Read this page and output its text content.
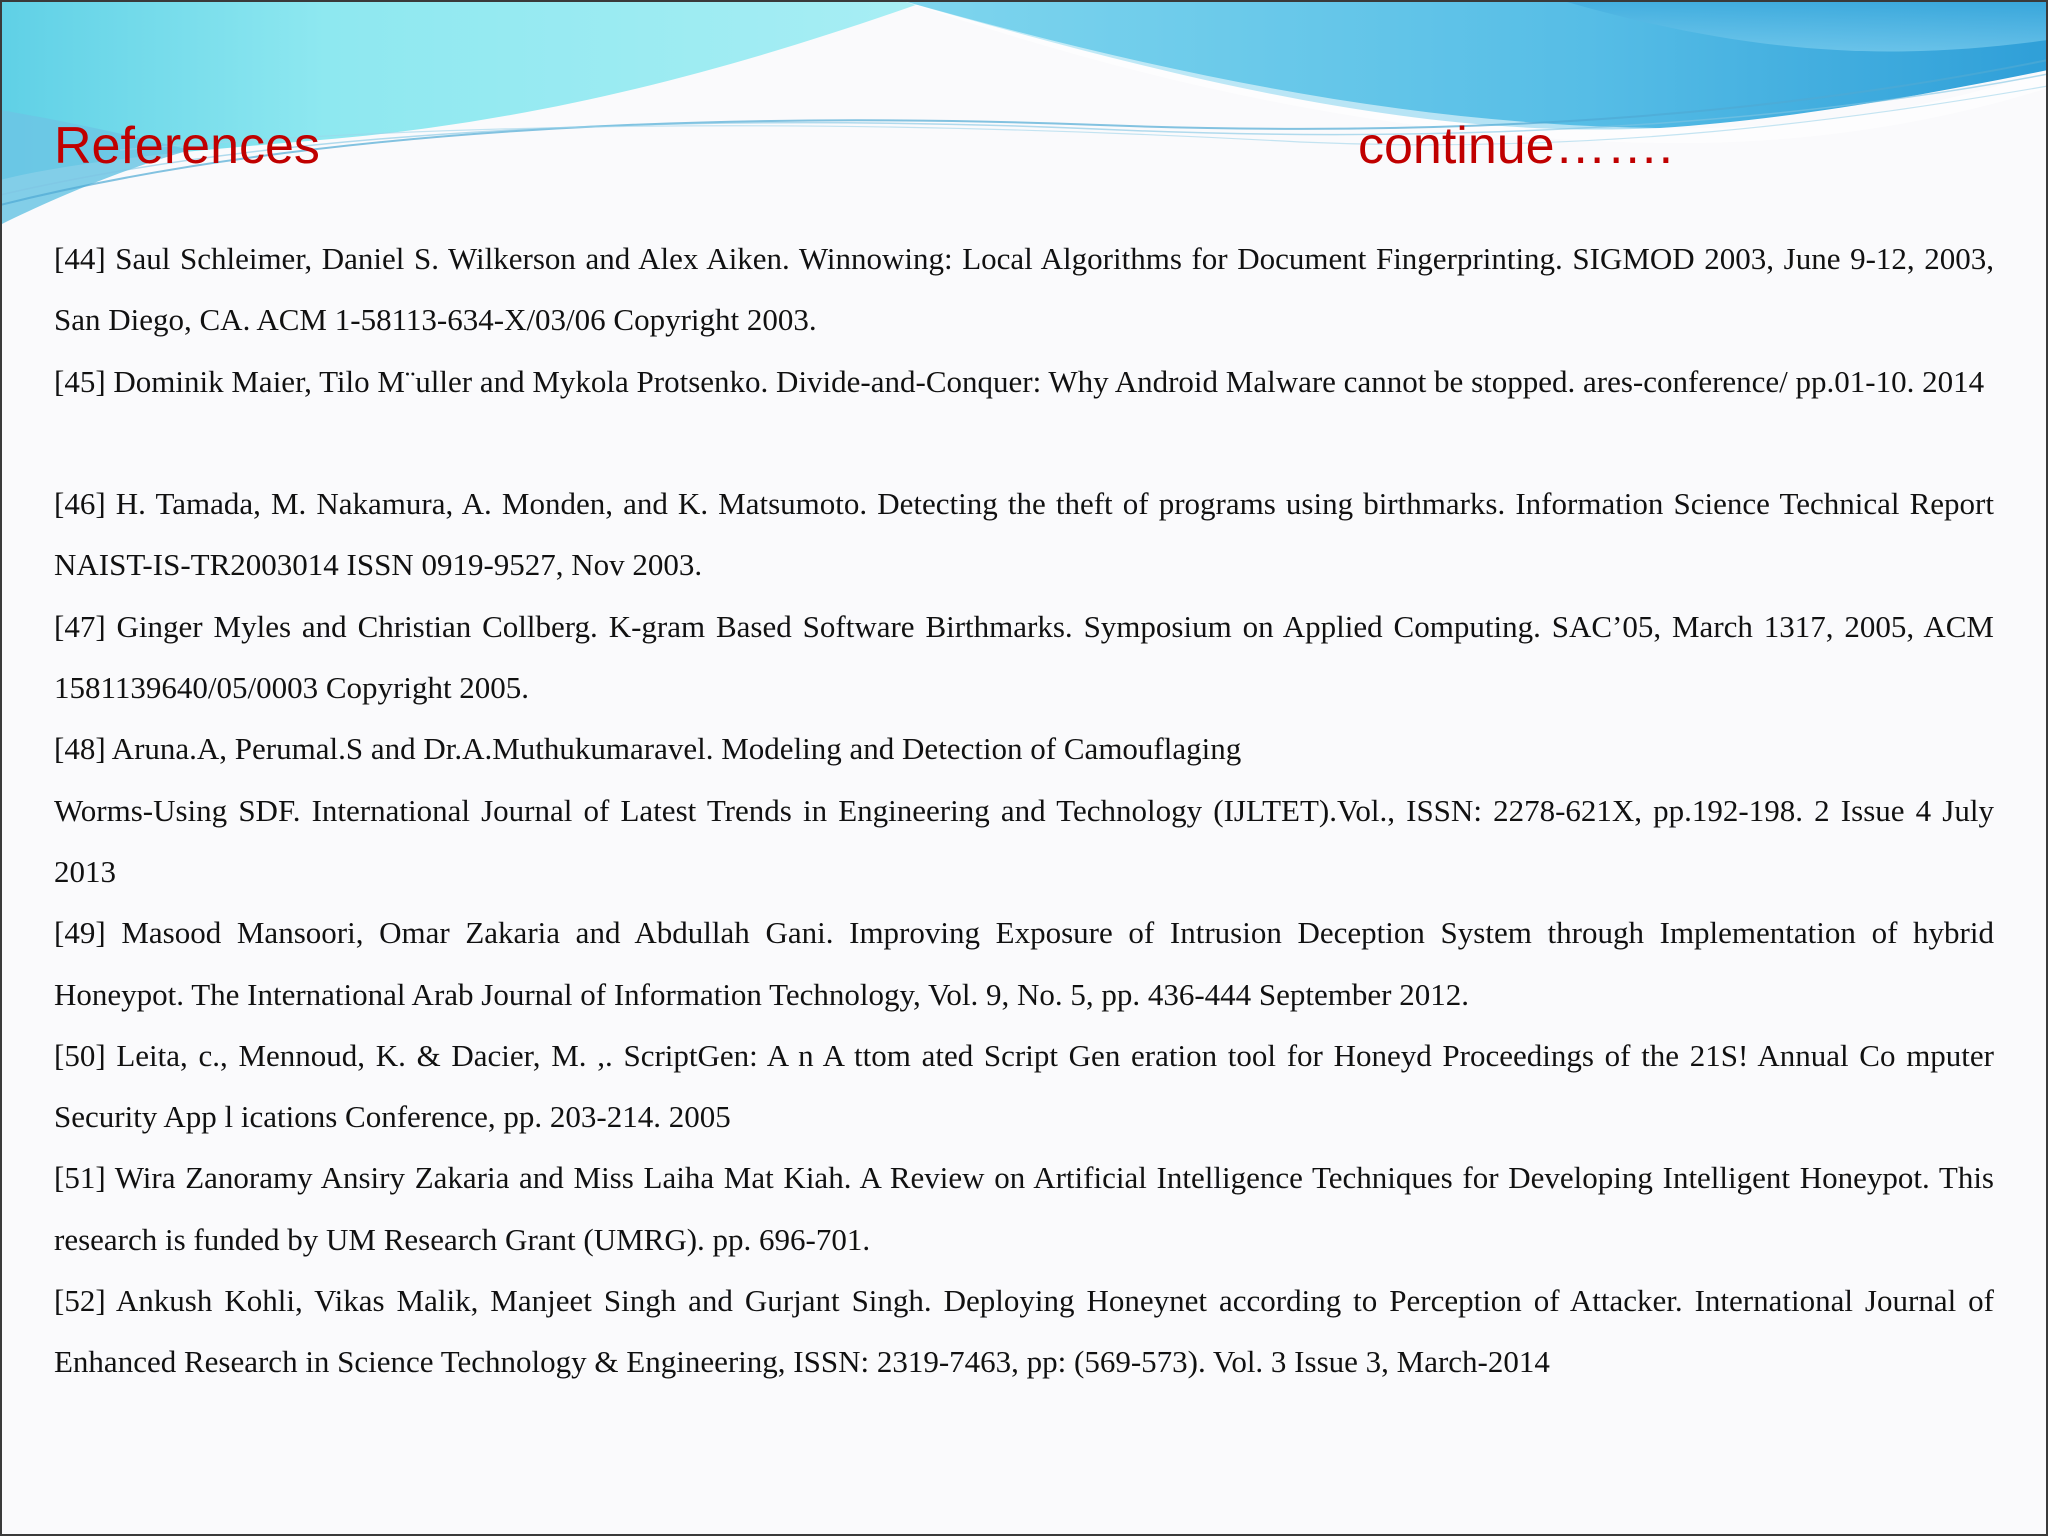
References	continue…….

[44] Saul Schleimer, Daniel S. Wilkerson and Alex Aiken. Winnowing: Local Algorithms for Document Fingerprinting. SIGMOD 2003, June 9-12, 2003, San Diego, CA. ACM 1-58113-634-X/03/06 Copyright 2003.

[45] Dominik Maier, Tilo M¨uller and Mykola Protsenko. Divide-and-Conquer: Why Android Malware cannot be stopped. ares-conference/ pp.01-10. 2014

[46] H. Tamada, M. Nakamura, A. Monden, and K. Matsumoto. Detecting the theft of programs using birthmarks. Information Science Technical Report NAIST-IS-TR2003014 ISSN 0919-9527, Nov 2003.

[47] Ginger Myles and Christian Collberg. K-gram Based Software Birthmarks. Symposium on Applied Computing. SAC’05, March 1317, 2005, ACM 1581139640/05/0003 Copyright 2005.

[48] Aruna.A, Perumal.S and Dr.A.Muthukumaravel. Modeling and Detection of Camouflaging

Worms-Using SDF. International Journal of Latest Trends in Engineering and Technology (IJLTET).Vol., ISSN: 2278-621X, pp.192-198. 2 Issue 4 July 2013

[49] Masood Mansoori, Omar Zakaria and Abdullah Gani. Improving Exposure of Intrusion Deception System through Implementation of hybrid Honeypot. The International Arab Journal of Information Technology, Vol. 9, No. 5, pp. 436-444 September 2012.

[50] Leita, c., Mennoud, K. & Dacier, M. ,. ScriptGen: A n A ttom ated Script Gen eration tool for Honeyd Proceedings of the 21S! Annual Co mputer Security App l ications Conference, pp. 203-214. 2005

[51] Wira Zanoramy Ansiry Zakaria and Miss Laiha Mat Kiah. A Review on Artificial Intelligence Techniques for Developing Intelligent Honeypot. This research is funded by UM Research Grant (UMRG). pp. 696-701.

[52] Ankush Kohli, Vikas Malik, Manjeet Singh and Gurjant Singh. Deploying Honeynet according to Perception of Attacker. International Journal of Enhanced Research in Science Technology & Engineering, ISSN: 2319-7463, pp: (569-573). Vol. 3 Issue 3, March-2014
